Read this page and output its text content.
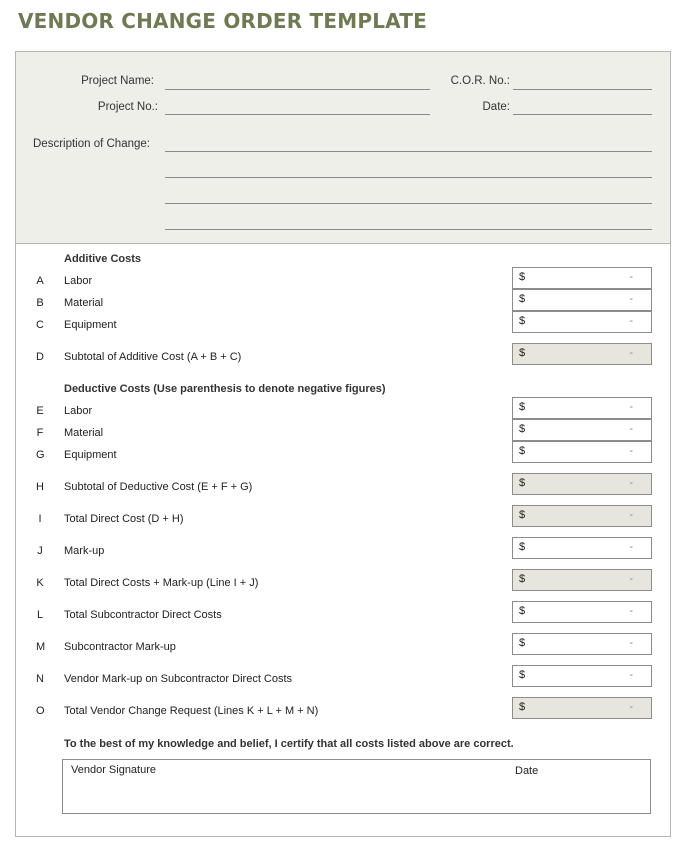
VENDOR CHANGE ORDER TEMPLATE
Project Name:	C.O.R. No.:
Project No.:	Date:
Description of Change:
Additive Costs
A Labor	$	-
B Material	$	-
C Equipment	$	-
D Subtotal of Additive Cost (A + B + C)	$	-
Deductive Costs (Use parenthesis to denote negative figures)
E Labor	$	-
F Material	$	-
G Equipment	$	-
H Subtotal of Deductive Cost (E + F + G)	$	-
I Total Direct Cost (D + H)	$	-
J Mark-up	$	-
K Total Direct Costs + Mark-up (Line I + J)	$	-
L Total Subcontractor Direct Costs	$	-
M Subcontractor Mark-up	$	-
N Vendor Mark-up on Subcontractor Direct Costs	$	-
O Total Vendor Change Request (Lines K + L + M + N)	$	-
To the best of my knowledge and belief, I certify that all costs listed above are correct.
Vendor Signature	Date
